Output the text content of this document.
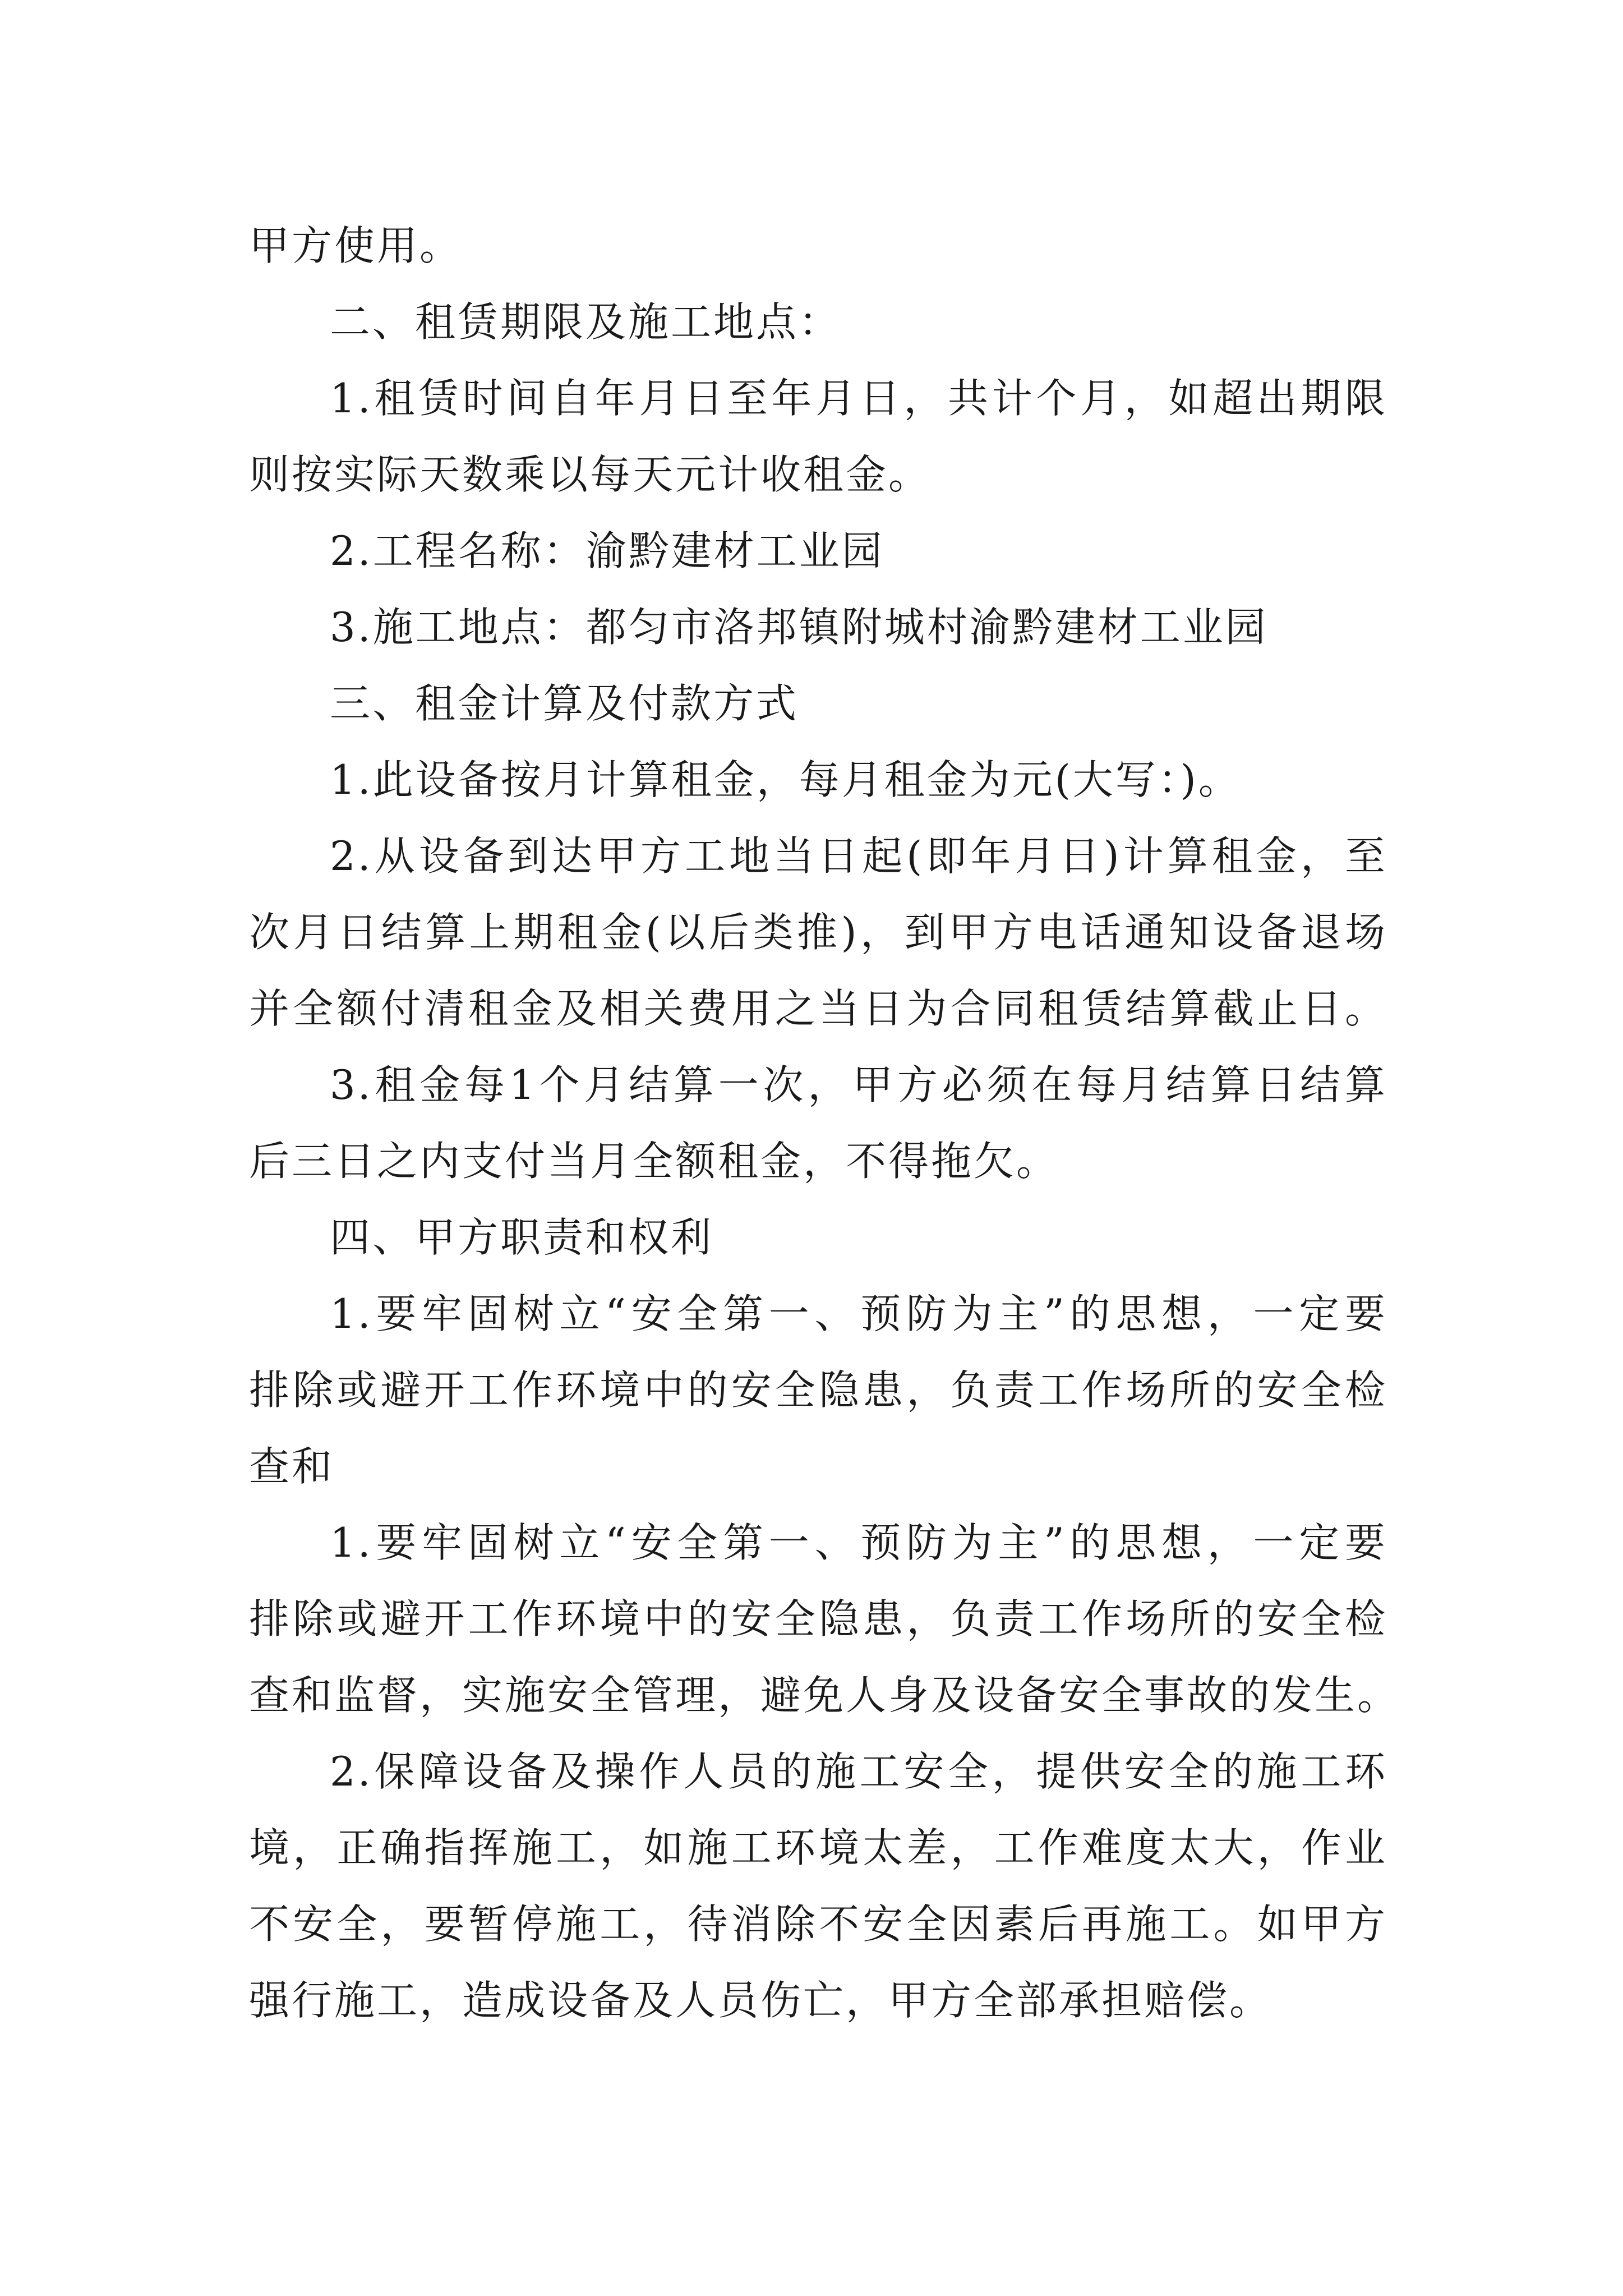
甲方使用。
二、租赁期限及施工地点：
1.租赁时间自年月日至年月日，共计个月，如超出期限
则按实际天数乘以每天元计收租金。
2.工程名称：渝黔建材工业园
3.施工地点：都匀市洛邦镇附城村渝黔建材工业园
三、租金计算及付款方式
1.此设备按月计算租金，每月租金为元(大写：)。
2.从设备到达甲方工地当日起(即年月日)计算租金，至
次月日结算上期租金(以后类推)，到甲方电话通知设备退场
并全额付清租金及相关费用之当日为合同租赁结算截止日。
3.租金每1个月结算一次，甲方必须在每月结算日结算
后三日之内支付当月全额租金，不得拖欠。
四、甲方职责和权利
1.要牢固树立“安全第一、预防为主”的思想，一定要
排除或避开工作环境中的安全隐患，负责工作场所的安全检
查和
1.要牢固树立“安全第一、预防为主”的思想，一定要
排除或避开工作环境中的安全隐患，负责工作场所的安全检
查和监督，实施安全管理，避免人身及设备安全事故的发生。
2.保障设备及操作人员的施工安全，提供安全的施工环
境，正确指挥施工，如施工环境太差，工作难度太大，作业
不安全，要暂停施工，待消除不安全因素后再施工。如甲方
强行施工，造成设备及人员伤亡，甲方全部承担赔偿。
